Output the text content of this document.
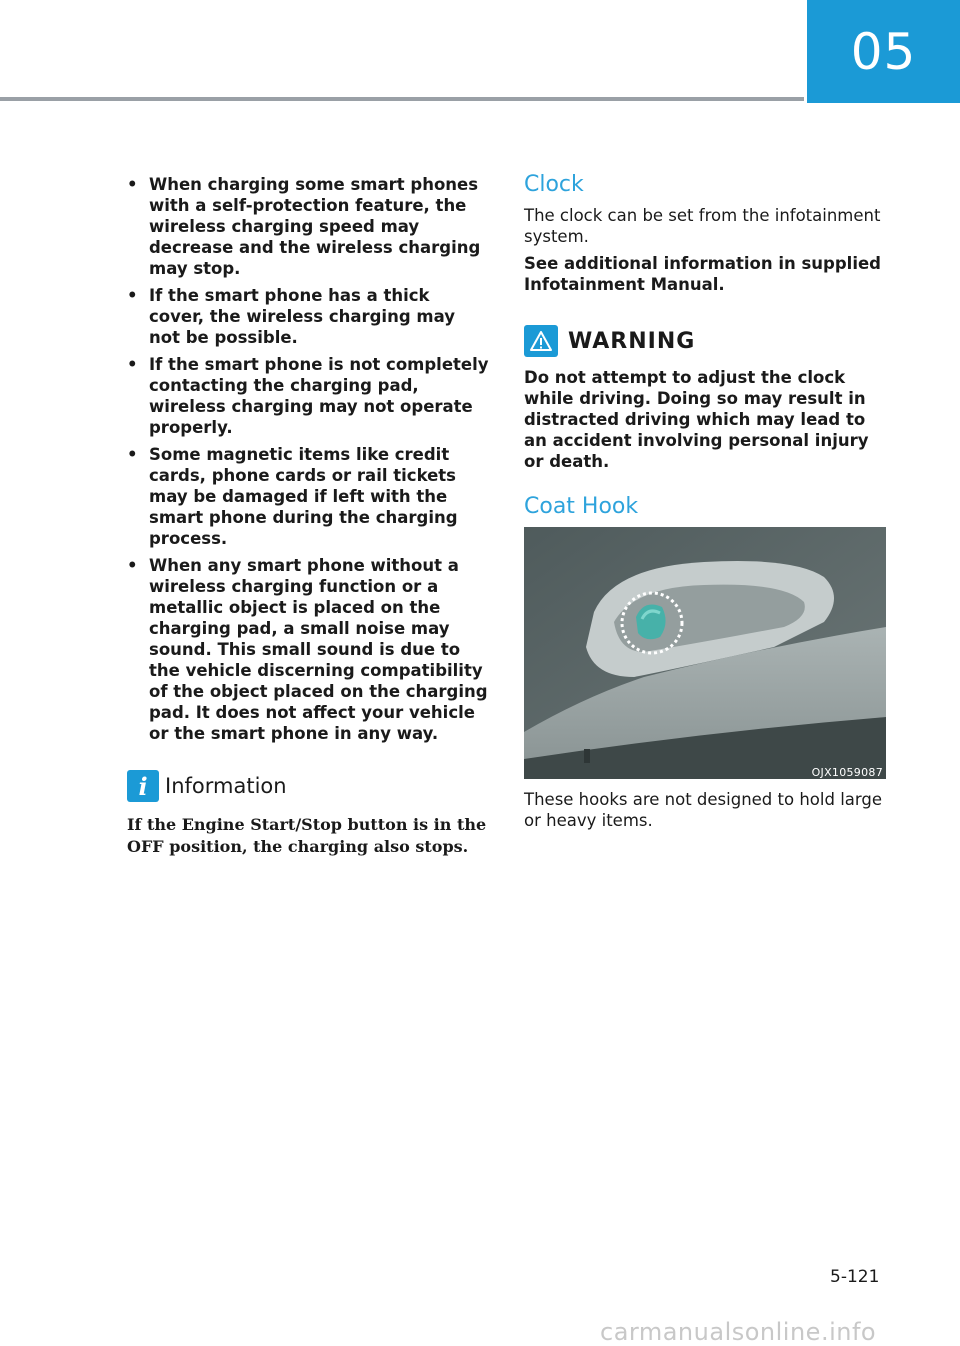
05
• When charging some smart phones with a self-protection feature, the wireless charging speed may decrease and the wireless charging may stop.
• If the smart phone has a thick cover, the wireless charging may not be possible.
• If the smart phone is not completely contacting the charging pad, wireless charging may not operate properly.
• Some magnetic items like credit cards, phone cards or rail tickets may be damaged if left with the smart phone during the charging process.
• When any smart phone without a wireless charging function or a metallic object is placed on the charging pad, a small noise may sound. This small sound is due to the vehicle discerning compatibility of the object placed on the charging pad. It does not affect your vehicle or the smart phone in any way.
i Information
If the Engine Start/Stop button is in the OFF position, the charging also stops.
Clock

The clock can be set from the infotainment system.

See additional information in supplied Infotainment Manual.

WARNING
Do not attempt to adjust the clock while driving. Doing so may result in distracted driving which may lead to an accident involving personal injury or death.
Coat Hook
OJX1059087

These hooks are not designed to hold large or heavy items.

5-121
carmanualsonline.info
